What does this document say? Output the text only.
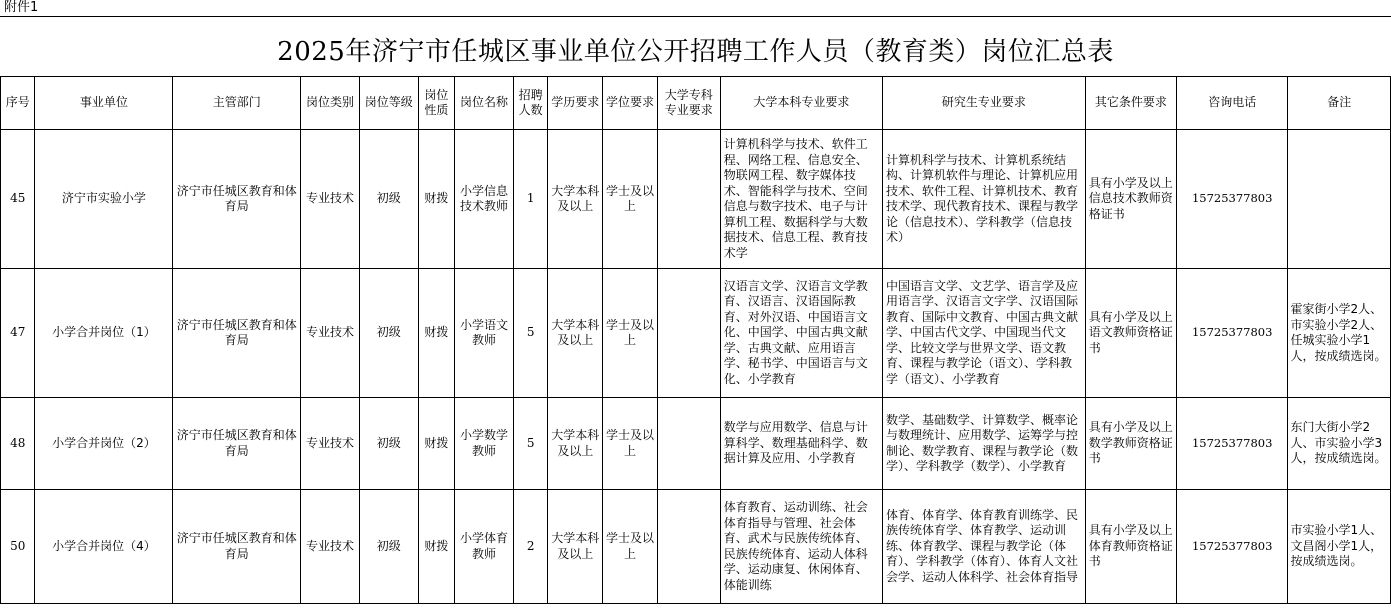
附件1
2025年济宁市任城区事业单位公开招聘工作人员（教育类）岗位汇总表
序号	事业单位	主管部门	岗位类别	岗位等级	岗位性质	岗位名称	招聘人数	学历要求	学位要求	大学专科专业要求	大学本科专业要求	研究生专业要求	其它条件要求	咨询电话	备注
45	济宁市实验小学	济宁市任城区教育和体育局	专业技术	初级	财拨	小学信息技术教师	1	大学本科及以上	学士及以上		计算机科学与技术、软件工程、网络工程、信息安全、物联网工程、数字媒体技术、智能科学与技术、空间信息与数字技术、电子与计算机工程、数据科学与大数据技术、信息工程、教育技术学	计算机科学与技术、计算机系统结构、计算机软件与理论、计算机应用技术、软件工程、计算机技术、教育技术学、现代教育技术、课程与教学论（信息技术）、学科教学（信息技术）	具有小学及以上信息技术教师资格证书	15725377803	
47	小学合并岗位（1）	济宁市任城区教育和体育局	专业技术	初级	财拨	小学语文教师	5	大学本科及以上	学士及以上		汉语言文学、汉语言文学教育、汉语言、汉语国际教育、对外汉语、中国语言文化、中国学、中国古典文献学、古典文献、应用语言学、秘书学、中国语言与文化、小学教育	中国语言文学、文艺学、语言学及应用语言学、汉语言文字学、汉语国际教育、国际中文教育、中国古典文献学、中国古代文学、中国现当代文学、比较文学与世界文学、语文教育、课程与教学论（语文）、学科教学（语文）、小学教育	具有小学及以上语文教师资格证书	15725377803	霍家街小学2人、市实验小学2人、任城实验小学1人，按成绩选岗。
48	小学合并岗位（2）	济宁市任城区教育和体育局	专业技术	初级	财拨	小学数学教师	5	大学本科及以上	学士及以上		数学与应用数学、信息与计算科学、数理基础科学、数据计算及应用、小学教育	数学、基础数学、计算数学、概率论与数理统计、应用数学、运筹学与控制论、数学教育、课程与教学论（数学）、学科教学（数学）、小学教育	具有小学及以上数学教师资格证书	15725377803	东门大街小学2人、市实验小学3人，按成绩选岗。
50	小学合并岗位（4）	济宁市任城区教育和体育局	专业技术	初级	财拨	小学体育教师	2	大学本科及以上	学士及以上		体育教育、运动训练、社会体育指导与管理、社会体育、武术与民族传统体育、民族传统体育、运动人体科学、运动康复、休闲体育、体能训练	体育、体育学、体育教育训练学、民族传统体育学、体育教学、运动训练、体育教学、课程与教学论（体育）、学科教学（体育）、体育人文社会学、运动人体科学、社会体育指导	具有小学及以上体育教师资格证书	15725377803	市实验小学1人、文昌阁小学1人，按成绩选岗。
